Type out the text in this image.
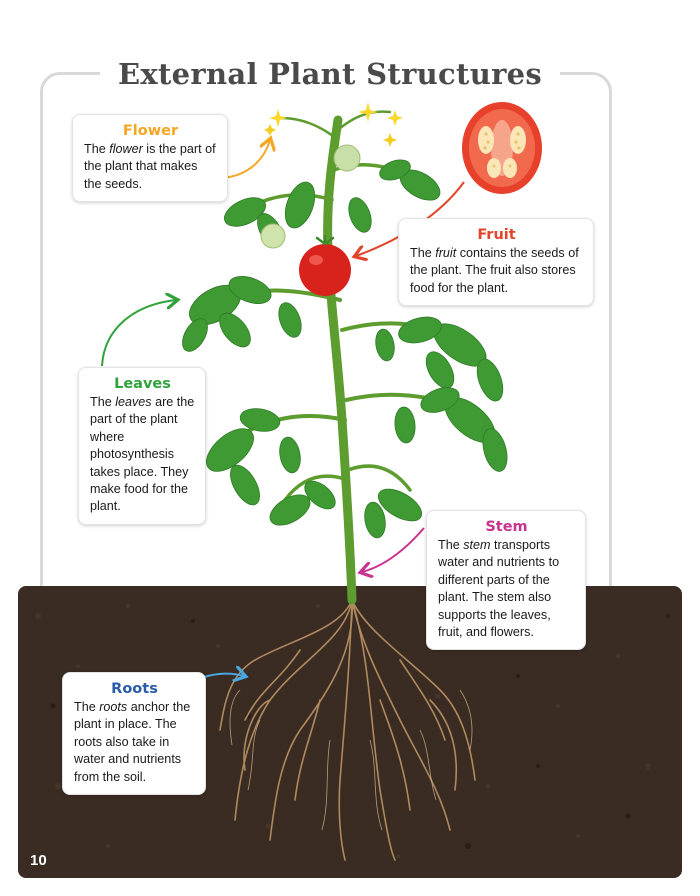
External Plant Structures
Flower
The flower is the part of the plant that makes the seeds.
Fruit
The fruit contains the seeds of the plant. The fruit also stores food for the plant.
Leaves
The leaves are the part of the plant where photosynthesis takes place. They make food for the plant.
Stem
The stem transports water and nutrients to different parts of the plant. The stem also supports the leaves, fruit, and flowers.
Roots
The roots anchor the plant in place. The roots also take in water and nutrients from the soil.
10
